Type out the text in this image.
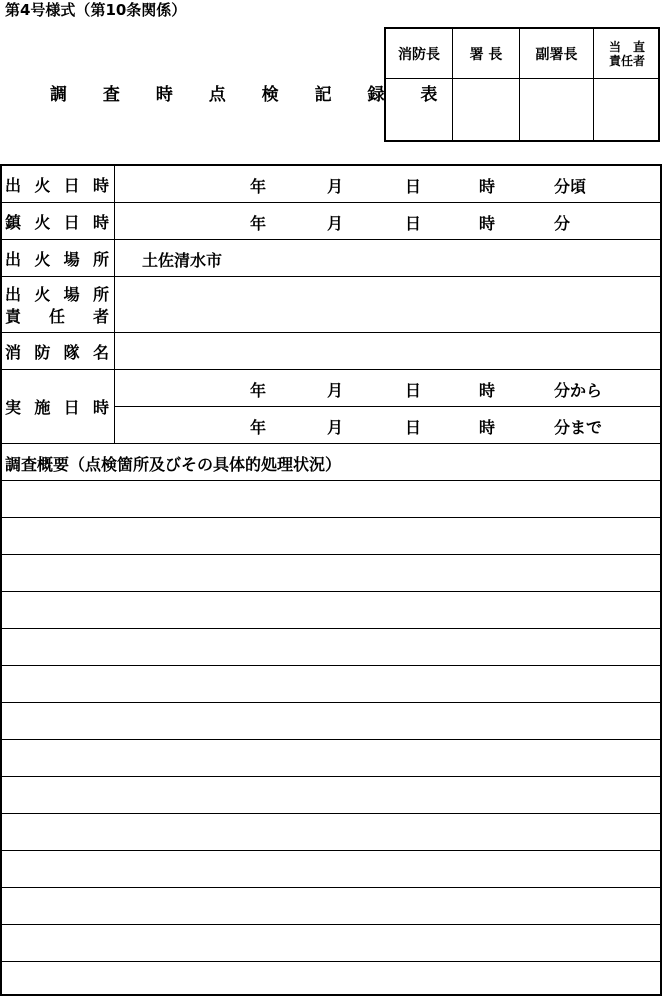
第4号様式（第10条関係）
調 査 時 点 検 記 録 表
消防長	署 長	副署長	当　直
責任者
出 火 日 時	年	月	日	時	分頃
鎮 火 日 時	年	月	日	時	分
出 火 場 所 土佐清水市
出 火 場 所
責 任 者
消 防 隊 名
実 施 日 時
年	月	日	時	分から
年	月	日	時	分まで
調査概要（点検箇所及びその具体的処理状況）
